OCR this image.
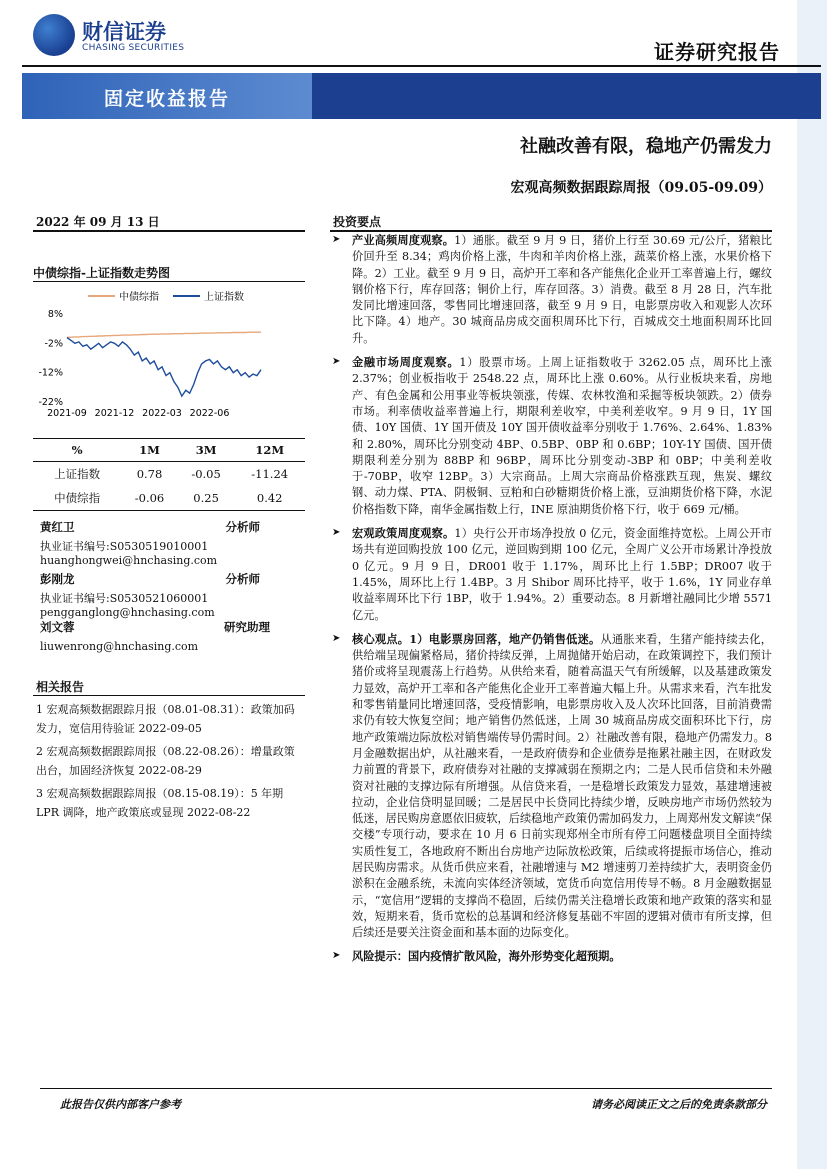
财信证券
CHASING SECURITIES	证券研究报告
固定收益报告
社融改善有限，稳地产仍需发力
宏观高频数据跟踪周报（09.05-09.09）
2022 年 09 月 13 日
中债综指-上证指数走势图
中债综指	上证指数
8%
-2%
-12%
-22%
2021-09 2021-12 2022-03 2022-06
%	1M	3M	12M
上证指数	0.78	-0.05	-11.24
中债综指	-0.06	0.25	0.42
黄红卫	分析师
执业证书编号:S0530519010001
huanghongwei@hnchasing.com
彭刚龙	分析师
执业证书编号:S0530521060001
pengganglong@hnchasing.com
刘文蓉	研究助理
liuwenrong@hnchasing.com
相关报告
1 宏观高频数据跟踪月报（08.01-08.31）：政策加码发力，宽信用待验证 2022-09-05
2 宏观高频数据跟踪周报（08.22-08.26）：增量政策出台，加固经济恢复 2022-08-29
3 宏观高频数据跟踪周报（08.15-08.19）：5 年期 LPR 调降，地产政策底或显现 2022-08-22
投资要点
➤ 产业高频周度观察。1）通胀。截至 9 月 9 日，猪价上行至 30.69 元/公斤，猪粮比价回升至 8.34；鸡肉价格上涨，牛肉和羊肉价格上涨，蔬菜价格上涨，水果价格下降。2）工业。截至 9 月 9 日，高炉开工率和各产能焦化企业开工率普遍上行，螺纹钢价格下行，库存回落；铜价上行，库存回落。3）消费。截至 8 月 28 日，汽车批发同比增速回落，零售同比增速回落，截至 9 月 9 日，电影票房收入和观影人次环比下降。4）地产。30 城商品房成交面积周环比下行，百城成交土地面积周环比回升。
➤ 金融市场周度观察。1）股票市场。上周上证指数收于 3262.05 点，周环比上涨 2.37%；创业板指收于 2548.22 点，周环比上涨 0.60%。从行业板块来看，房地产、有色金属和公用事业等板块领涨，传媒、农林牧渔和采掘等板块领跌。2）债券市场。利率债收益率普遍上行，期限利差收窄，中美利差收窄。9 月 9 日，1Y 国债、10Y 国债、1Y 国开债及 10Y 国开债收益率分别收于 1.76%、2.64%、1.83%和 2.80%，周环比分别变动 4BP、0.5BP、0BP 和 0.6BP；10Y-1Y 国债、国开债期限利差分别为 88BP 和 96BP，周环比分别变动-3BP 和 0BP；中美利差收于-70BP，收窄 12BP。3）大宗商品。上周大宗商品价格涨跌互现，焦炭、螺纹钢、动力煤、PTA、阴极铜、豆粕和白砂糖期货价格上涨，豆油期货价格下降，水泥价格指数下降，南华金属指数上行，INE 原油期货价格下行，收于 669 元/桶。
➤ 宏观政策周度观察。1）央行公开市场净投放 0 亿元，资金面维持宽松。上周公开市场共有逆回购投放 100 亿元，逆回购到期 100 亿元，全周广义公开市场累计净投放 0 亿元。9 月 9 日，DR001 收于 1.17%，周环比上行 1.5BP；DR007 收于 1.45%，周环比上行 1.4BP。3 月 Shibor 周环比持平，收于 1.6%，1Y 同业存单收益率周环比下行 1BP，收于 1.94%。2）重要动态。8 月新增社融同比少增 5571 亿元。
➤ 核心观点。1）电影票房回落，地产仍销售低迷。从通胀来看，生猪产能持续去化，供给端呈现偏紧格局，猪价持续反弹，上周抛储开始启动，在政策调控下，我们预计猪价或将呈现震荡上行趋势。从供给来看，随着高温天气有所缓解，以及基建政策发力显效，高炉开工率和各产能焦化企业开工率普遍大幅上升。从需求来看，汽车批发和零售销量同比增速回落，受疫情影响，电影票房收入及人次环比回落，目前消费需求仍有较大恢复空间；地产销售仍然低迷，上周 30 城商品房成交面积环比下行，房地产政策端边际放松对销售端传导仍需时间。2）社融改善有限，稳地产仍需发力。8 月金融数据出炉，从社融来看，一是政府债券和企业债券是拖累社融主因，在财政发力前置的背景下，政府债券对社融的支撑减弱在预期之内；二是人民币信贷和未外融资对社融的支撑边际有所增强。从信贷来看，一是稳增长政策发力显效，基建增速被拉动，企业信贷明显回暖；二是居民中长贷同比持续少增，反映房地产市场仍然较为低迷，居民购房意愿依旧疲软，后续稳地产政策仍需加码发力，上周郑州发文解读“保交楼”专项行动，要求在 10 月 6 日前实现郑州全市所有停工问题楼盘项目全面持续实质性复工，各地政府不断出台房地产边际放松政策，后续或将提振市场信心，推动居民购房需求。从货币供应来看，社融增速与 M2 增速剪刀差持续扩大，表明资金仍淤积在金融系统，未流向实体经济领域，宽货币向宽信用传导不畅。8 月金融数据显示，“宽信用”逻辑的支撑尚不稳固，后续仍需关注稳增长政策和地产政策的落实和显效，短期来看，货币宽松的总基调和经济修复基础不牢固的逻辑对债市有所支撑，但后续还是要关注资金面和基本面的边际变化。
➤ 风险提示：国内疫情扩散风险，海外形势变化超预期。
此报告仅供内部客户参考	请务必阅读正文之后的免责条款部分
